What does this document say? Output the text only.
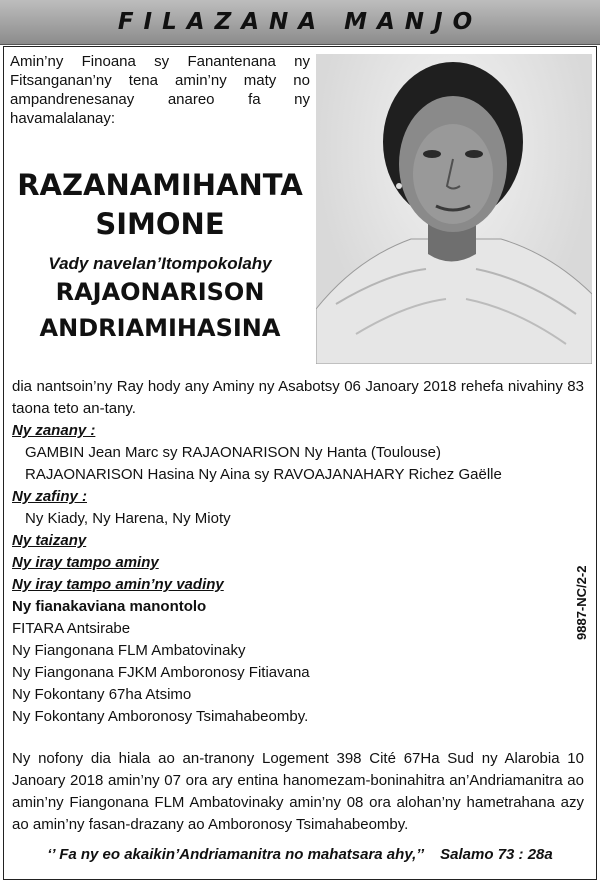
FILAZANA MANJO
Amin’ny Finoana sy Fanantenana ny Fitsanganan’ny tena amin’ny maty no ampandrenesanay anareo fa ny havamalalanay:
RAZANAMIHANTA
SIMONE
Vady navelan’Itompokolahy
RAJAONARISON
ANDRIAMIHASINA
dia nantsoin’ny Ray hody any Aminy ny Asabotsy 06 Janoary 2018 rehefa nivahiny 83 taona teto an-tany.
Ny zanany :
GAMBIN Jean Marc sy RAJAONARISON Ny Hanta (Toulouse)
RAJAONARISON Hasina Ny Aina sy RAVOAJANAHARY Richez Gaëlle
Ny zafiny :
Ny Kiady, Ny Harena, Ny Mioty
Ny taizany
Ny iray tampo aminy
Ny iray tampo amin’ny vadiny
Ny fianakaviana manontolo
FITARA Antsirabe
Ny Fiangonana FLM Ambatovinaky
Ny Fiangonana FJKM Amboronosy Fitiavana
Ny Fokontany 67ha Atsimo
Ny Fokontany Amboronosy Tsimahabeomby.
9887-NC/2-2
Ny nofony dia hiala ao an-tranony Logement 398 Cité 67Ha Sud ny Alarobia 10 Janoary 2018 amin’ny 07 ora ary entina hanomezam-boninahitra an’Andriamanitra ao amin’ny Fiangonana FLM Ambatovinaky amin’ny 08 ora alohan’ny hametrahana azy ao amin’ny fasan-drazany ao Amboronosy Tsimahabeomby.
‘’ Fa ny eo akaikin’Andriamanitra no mahatsara ahy,’’ Salamo 73 : 28a
